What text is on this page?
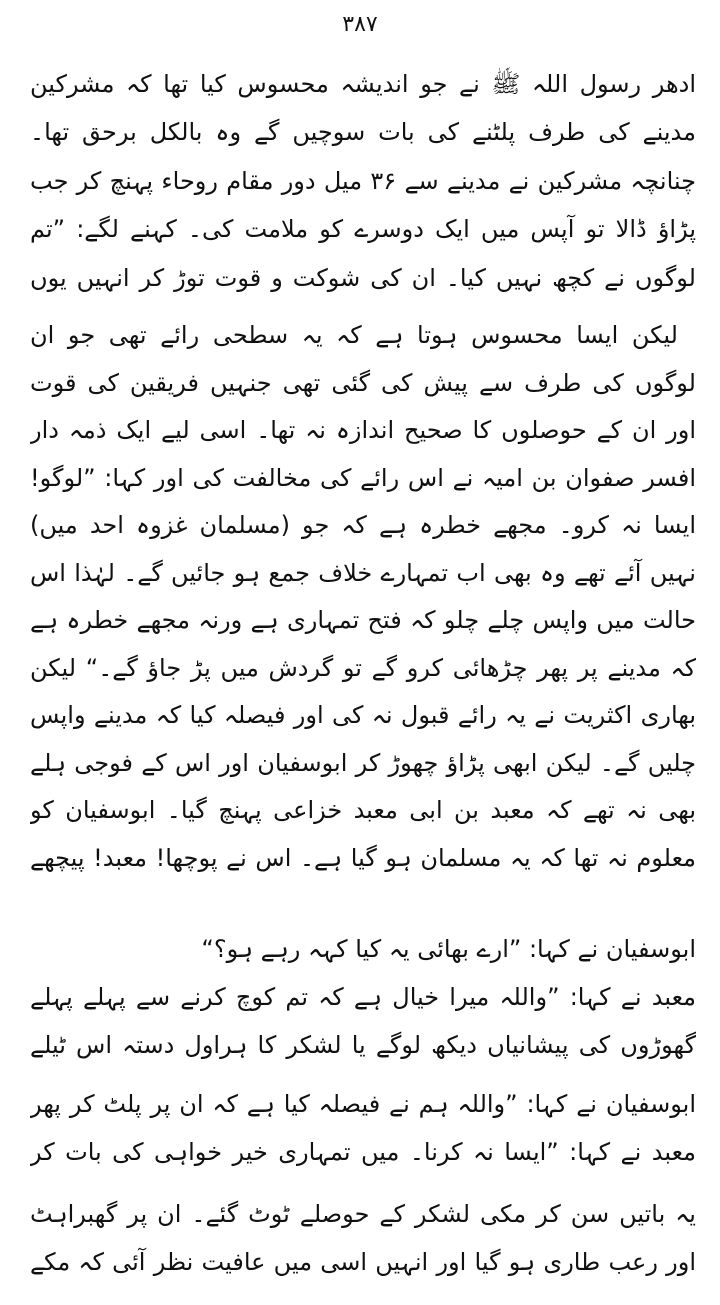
۳۸۷

ادھر رسول اللہ ﷺ نے جو اندیشہ محسوس کیا تھا کہ مشرکین مدینے کی طرف پلٹنے کی بات سوچیں گے وہ بالکل برحق تھا۔ چنانچہ مشرکین نے مدینے سے ۳۶ میل دور مقام روحاء پہنچ کر جب پڑاؤ ڈالا تو آپس میں ایک دوسرے کو ملامت کی۔ کہنے لگے: ”تم لوگوں نے کچھ نہیں کیا۔ ان کی شوکت و قوت توڑ کر انہیں یوں

لیکن ایسا محسوس ہوتا ہے کہ یہ سطحی رائے تھی جو ان لوگوں کی طرف سے پیش کی گئی تھی جنہیں فریقین کی قوت اور ان کے حوصلوں کا صحیح اندازہ نہ تھا۔ اسی لیے ایک ذمہ دار افسر صفوان بن امیہ نے اس رائے کی مخالفت کی اور کہا: ”لوگو! ایسا نہ کرو۔ مجھے خطرہ ہے کہ جو (مسلمان غزوہ احد میں) نہیں آئے تھے وہ بھی اب تمہارے خلاف جمع ہو جائیں گے۔ لہٰذا اس حالت میں واپس چلے چلو کہ فتح تمہاری ہے ورنہ مجھے خطرہ ہے کہ مدینے پر پھر چڑھائی کرو گے تو گردش میں پڑ جاؤ گے۔“ لیکن بھاری اکثریت نے یہ رائے قبول نہ کی اور فیصلہ کیا کہ مدینے واپس چلیں گے۔ لیکن ابھی پڑاؤ چھوڑ کر ابوسفیان اور اس کے فوجی ہلے بھی نہ تھے کہ معبد بن ابی معبد خزاعی پہنچ گیا۔ ابوسفیان کو معلوم نہ تھا کہ یہ مسلمان ہو گیا ہے۔ اس نے پوچھا! معبد! پیچھے

ابوسفیان نے کہا: ”ارے بھائی یہ کیا کہہ رہے ہو؟“

معبد نے کہا: ”واللہ میرا خیال ہے کہ تم کوچ کرنے سے پہلے پہلے گھوڑوں کی پیشانیاں دیکھ لوگے یا لشکر کا ہراول دستہ اس ٹیلے

ابوسفیان نے کہا: ”واللہ ہم نے فیصلہ کیا ہے کہ ان پر پلٹ کر پھر

معبد نے کہا: ”ایسا نہ کرنا۔ میں تمہاری خیر خواہی کی بات کر

یہ باتیں سن کر مکی لشکر کے حوصلے ٹوٹ گئے۔ ان پر گھبراہٹ اور رعب طاری ہو گیا اور انہیں اسی میں عافیت نظر آئی کہ مکے
